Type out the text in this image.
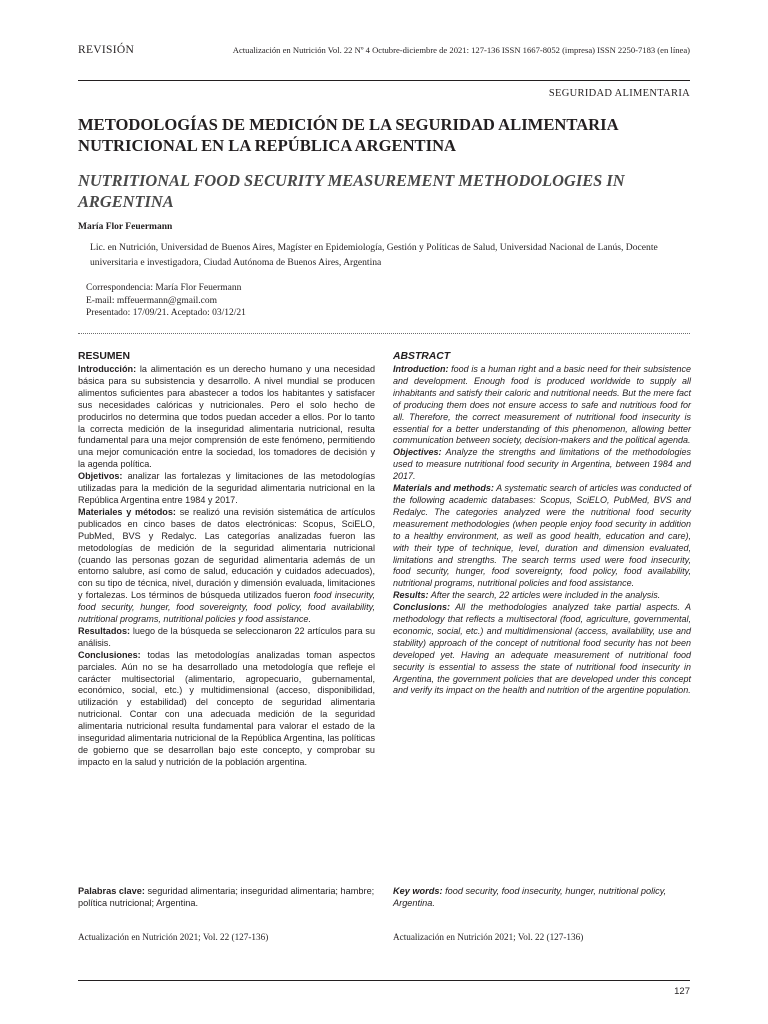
REVISIÓN	Actualización en Nutrición Vol. 22 Nº 4 Octubre-diciembre de 2021: 127-136 ISSN 1667-8052 (impresa) ISSN 2250-7183 (en línea)
SEGURIDAD ALIMENTARIA
METODOLOGÍAS DE MEDICIÓN DE LA SEGURIDAD ALIMENTARIA NUTRICIONAL EN LA REPÚBLICA ARGENTINA
NUTRITIONAL FOOD SECURITY MEASUREMENT METHODOLOGIES IN ARGENTINA
María Flor Feuermann
Lic. en Nutrición, Universidad de Buenos Aires, Magíster en Epidemiología, Gestión y Políticas de Salud, Universidad Nacional de Lanús, Docente universitaria e investigadora, Ciudad Autónoma de Buenos Aires, Argentina
Correspondencia: María Flor Feuermann
E-mail: mffeuermann@gmail.com
Presentado: 17/09/21. Aceptado: 03/12/21
RESUMEN

Introducción: la alimentación es un derecho humano y una necesidad básica para su subsistencia y desarrollo. A nivel mundial se producen alimentos suficientes para abastecer a todos los habitantes y satisfacer sus necesidades calóricas y nutricionales. Pero el solo hecho de producirlos no determina que todos puedan acceder a ellos. Por lo tanto la correcta medición de la inseguridad alimentaria nutricional, resulta fundamental para una mejor comprensión de este fenómeno, permitiendo una mejor comunicación entre la sociedad, los tomadores de decisión y la agenda política.

Objetivos: analizar las fortalezas y limitaciones de las metodologías utilizadas para la medición de la seguridad alimentaria nutricional en la República Argentina entre 1984 y 2017.

Materiales y métodos: se realizó una revisión sistemática de artículos publicados en cinco bases de datos electrónicas: Scopus, SciELO, PubMed, BVS y Redalyc. Las categorías analizadas fueron las metodologías de medición de la seguridad alimentaria nutricional (cuando las personas gozan de seguridad alimentaria además de un entorno salubre, así como de salud, educación y cuidados adecuados), con su tipo de técnica, nivel, duración y dimensión evaluada, limitaciones y fortalezas. Los términos de búsqueda utilizados fueron food insecurity, food security, hunger, food sovereignty, food policy, food availability, nutritional programs, nutritional policies y food assistance.

Resultados: luego de la búsqueda se seleccionaron 22 artículos para su análisis.

Conclusiones: todas las metodologías analizadas toman aspectos parciales. Aún no se ha desarrollado una metodología que refleje el carácter multisectorial (alimentario, agropecuario, gubernamental, económico, social, etc.) y multidimensional (acceso, disponibilidad, utilización y estabilidad) del concepto de seguridad alimentaria nutricional. Contar con una adecuada medición de la seguridad alimentaria nutricional resulta fundamental para valorar el estado de la inseguridad alimentaria nutricional de la República Argentina, las políticas de gobierno que se desarrollan bajo este concepto, y comprobar su impacto en la salud y nutrición de la población argentina.

ABSTRACT

Introduction: food is a human right and a basic need for their subsistence and development. Enough food is produced worldwide to supply all inhabitants and satisfy their caloric and nutritional needs. But the mere fact of producing them does not ensure access to safe and nutritious food for all. Therefore, the correct measurement of nutritional food insecurity is essential for a better understanding of this phenomenon, allowing better communication between society, decision-makers and the political agenda.

Objectives: Analyze the strengths and limitations of the methodologies used to measure nutritional food security in Argentina, between 1984 and 2017.

Materials and methods: A systematic search of articles was conducted of the following academic databases: Scopus, SciELO, PubMed, BVS and Redalyc. The categories analyzed were the nutritional food security measurement methodologies (when people enjoy food security in addition to a healthy environment, as well as good health, education and care), with their type of technique, level, duration and dimension evaluated, limitations and strengths. The search terms used were food insecurity, food security, hunger, food sovereignty, food policy, food availability, nutritional programs, nutritional policies and food assistance.

Results: After the search, 22 articles were included in the analysis.

Conclusions: All the methodologies analyzed take partial aspects. A methodology that reflects a multisectoral (food, agriculture, governmental, economic, social, etc.) and multidimensional (access, availability, use and stability) approach of the concept of nutritional food security has not been developed yet. Having an adequate measurement of nutritional food security is essential to assess the state of nutritional food insecurity in Argentina, the government policies that are developed under this concept and verify its impact on the health and nutrition of the argentine population.

Palabras clave: seguridad alimentaria; inseguridad alimentaria; hambre; política nutricional; Argentina.
Key words: food security, food insecurity, hunger, nutritional policy, Argentina.
Actualización en Nutrición 2021; Vol. 22 (127-136)	Actualización en Nutrición 2021; Vol. 22 (127-136)
127
